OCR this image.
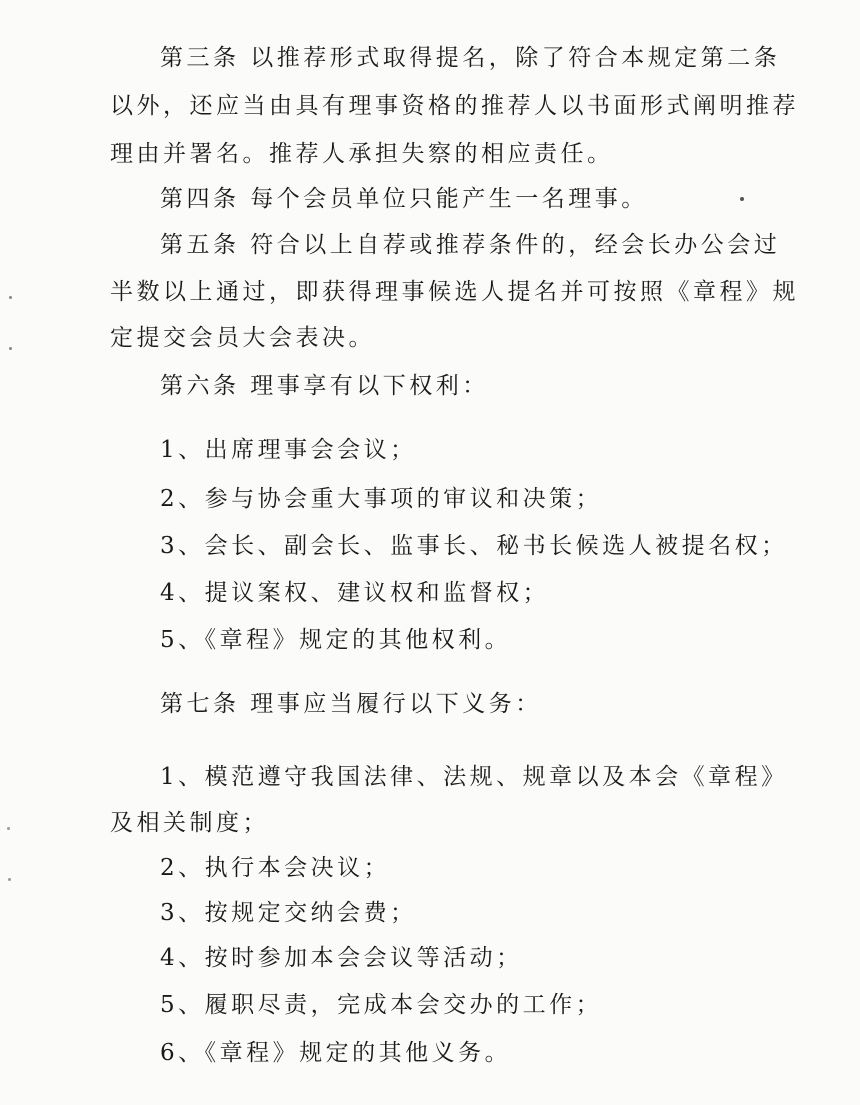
第三条 以推荐形式取得提名，除了符合本规定第二条
以外，还应当由具有理事资格的推荐人以书面形式阐明推荐
理由并署名。推荐人承担失察的相应责任。
第四条 每个会员单位只能产生一名理事。
第五条 符合以上自荐或推荐条件的，经会长办公会过
半数以上通过，即获得理事候选人提名并可按照《章程》规
定提交会员大会表决。
第六条 理事享有以下权利：
1、出席理事会会议；
2、参与协会重大事项的审议和决策；
3、会长、副会长、监事长、秘书长候选人被提名权；
4、提议案权、建议权和监督权；
5、《章程》规定的其他权利。
第七条 理事应当履行以下义务：
1、模范遵守我国法律、法规、规章以及本会《章程》
及相关制度；
2、执行本会决议；
3、按规定交纳会费；
4、按时参加本会会议等活动；
5、履职尽责，完成本会交办的工作；
6、《章程》规定的其他义务。
